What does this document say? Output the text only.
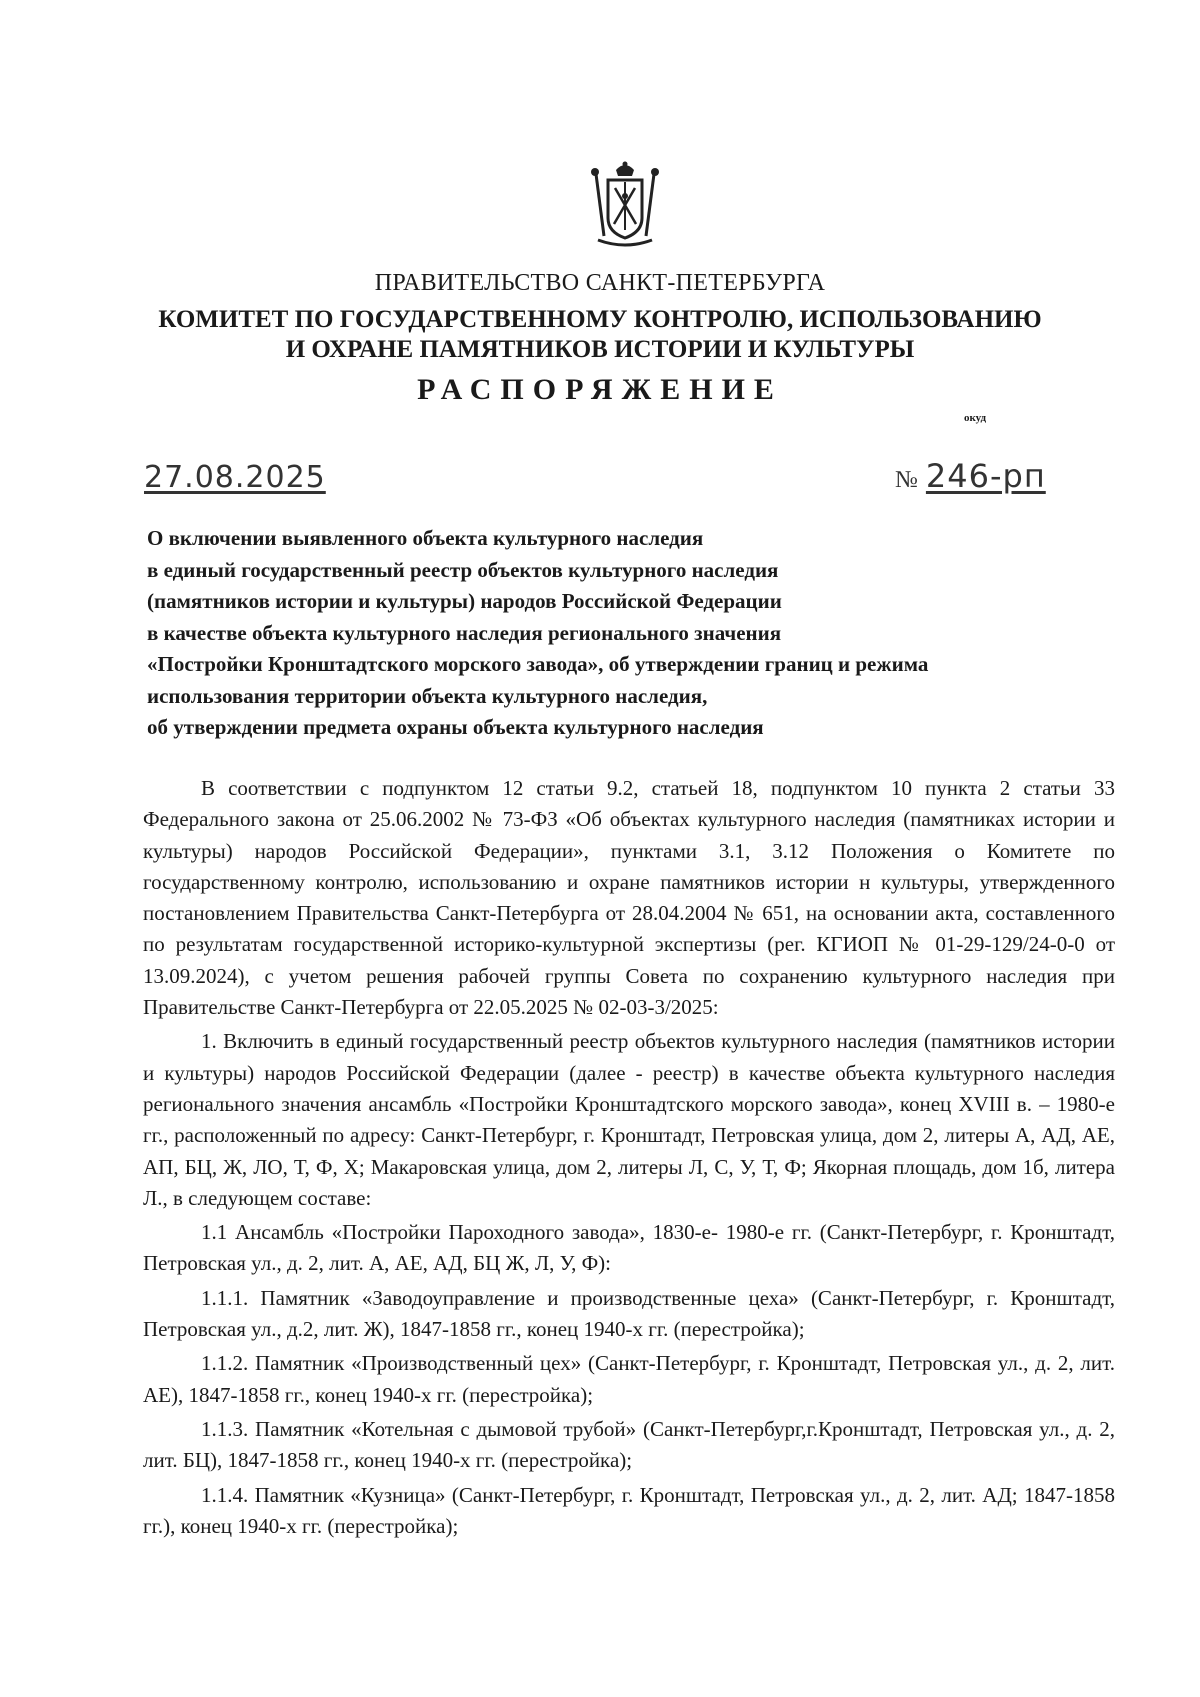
ПРАВИТЕЛЬСТВО САНКТ-ПЕТЕРБУРГА
КОМИТЕТ ПО ГОСУДАРСТВЕННОМУ КОНТРОЛЮ, ИСПОЛЬЗОВАНИЮ
И ОХРАНЕ ПАМЯТНИКОВ ИСТОРИИ И КУЛЬТУРЫ
РАСПОРЯЖЕНИЕ
окуд
27.08.2025	№ 246-рп
О включении выявленного объекта культурного наследия
в единый государственный реестр объектов культурного наследия
(памятников истории и культуры) народов Российской Федерации
в качестве объекта культурного наследия регионального значения
«Постройки Кронштадтского морского завода», об утверждении границ и режима
использования территории объекта культурного наследия,
об утверждении предмета охраны объекта культурного наследия

В соответствии с подпунктом 12 статьи 9.2, статьей 18, подпунктом 10 пункта 2 статьи 33 Федерального закона от 25.06.2002 № 73-ФЗ «Об объектах культурного наследия (памятниках истории и культуры) народов Российской Федерации», пунктами 3.1, 3.12 Положения о Комитете по государственному контролю, использованию и охране памятников истории н культуры, утвержденного постановлением Правительства Санкт-Петербурга от 28.04.2004 № 651, на основании акта, составленного по результатам государственной историко-культурной экспертизы (рег. КГИОП № 01-29-129/24-0-0 от 13.09.2024), с учетом решения рабочей группы Совета по сохранению культурного наследия при Правительстве Санкт-Петербурга от 22.05.2025 № 02-03-3/2025:

1. Включить в единый государственный реестр объектов культурного наследия (памятников истории и культуры) народов Российской Федерации (далее - реестр) в качестве объекта культурного наследия регионального значения ансамбль «Постройки Кронштадтского морского завода», конец XVIII в. – 1980-е гг., расположенный по адресу: Санкт-Петербург, г. Кронштадт, Петровская улица, дом 2, литеры А, АД, АЕ, АП, БЦ, Ж, ЛО, Т, Ф, Х; Макаровская улица, дом 2, литеры Л, С, У, Т, Ф; Якорная площадь, дом 1б, литера Л., в следующем составе:

1.1 Ансамбль «Постройки Пароходного завода», 1830-е- 1980-е гг. (Санкт-Петербург, г. Кронштадт, Петровская ул., д. 2, лит. А, АЕ, АД, БЦ Ж, Л, У, Ф):

1.1.1. Памятник «Заводоуправление и производственные цеха» (Санкт-Петербург, г. Кронштадт, Петровская ул., д.2, лит. Ж), 1847-1858 гг., конец 1940-х гг. (перестройка);

1.1.2. Памятник «Производственный цех» (Санкт-Петербург, г. Кронштадт, Петровская ул., д. 2, лит. АЕ), 1847-1858 гг., конец 1940-х гг. (перестройка);

1.1.3. Памятник «Котельная с дымовой трубой» (Санкт-Петербург,г.Кронштадт, Петровская ул., д. 2, лит. БЦ), 1847-1858 гг., конец 1940-х гг. (перестройка);

1.1.4. Памятник «Кузница» (Санкт-Петербург, г. Кронштадт, Петровская ул., д. 2, лит. АД; 1847-1858 гг.), конец 1940-х гг. (перестройка);
